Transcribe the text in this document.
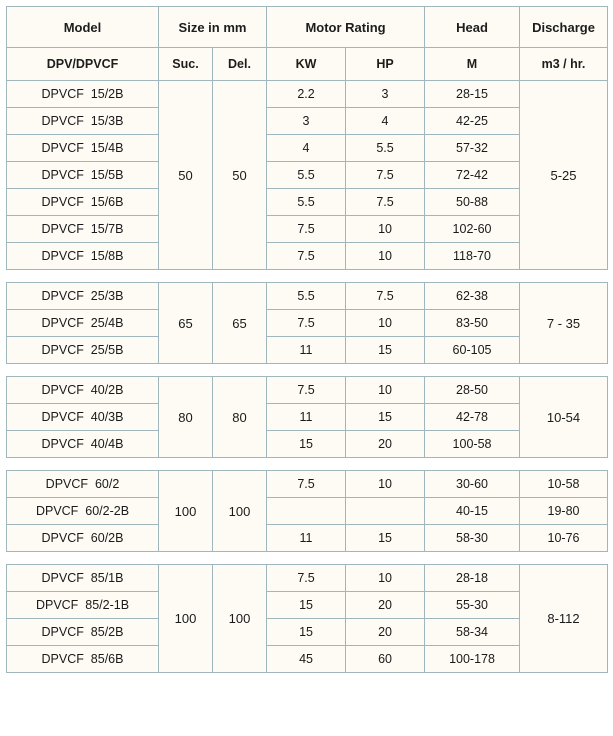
Model	Size in mm		Motor Rating		Head	Discharge
DPV/DPVCF	Suc.	Del.	KW	HP	M	m3 / hr.
DPVCF  15/2B	50	50	2.2	3	28-15	5-25
DPVCF  15/3B			3	4	42-25	
DPVCF  15/4B			4	5.5	57-32	
DPVCF  15/5B			5.5	7.5	72-42	
DPVCF  15/6B			5.5	7.5	50-88	
DPVCF  15/7B			7.5	10	102-60	
DPVCF  15/8B			7.5	10	118-70	

DPVCF  25/3B	65	65	5.5	7.5	62-38	7 - 35
DPVCF  25/4B			7.5	10	83-50	
DPVCF  25/5B			11	15	60-105	

DPVCF  40/2B	80	80	7.5	10	28-50	10-54
DPVCF  40/3B			11	15	42-78	
DPVCF  40/4B			15	20	100-58	

DPVCF  60/2	100	100	7.5	10	30-60	10-58
DPVCF  60/2-2B					40-15	19-80
DPVCF  60/2B			11	15	58-30	10-76

DPVCF  85/1B	100	100	7.5	10	28-18	8-112
DPVCF  85/2-1B			15	20	55-30	
DPVCF  85/2B			15	20	58-34	
DPVCF  85/6B			45	60	100-178	
